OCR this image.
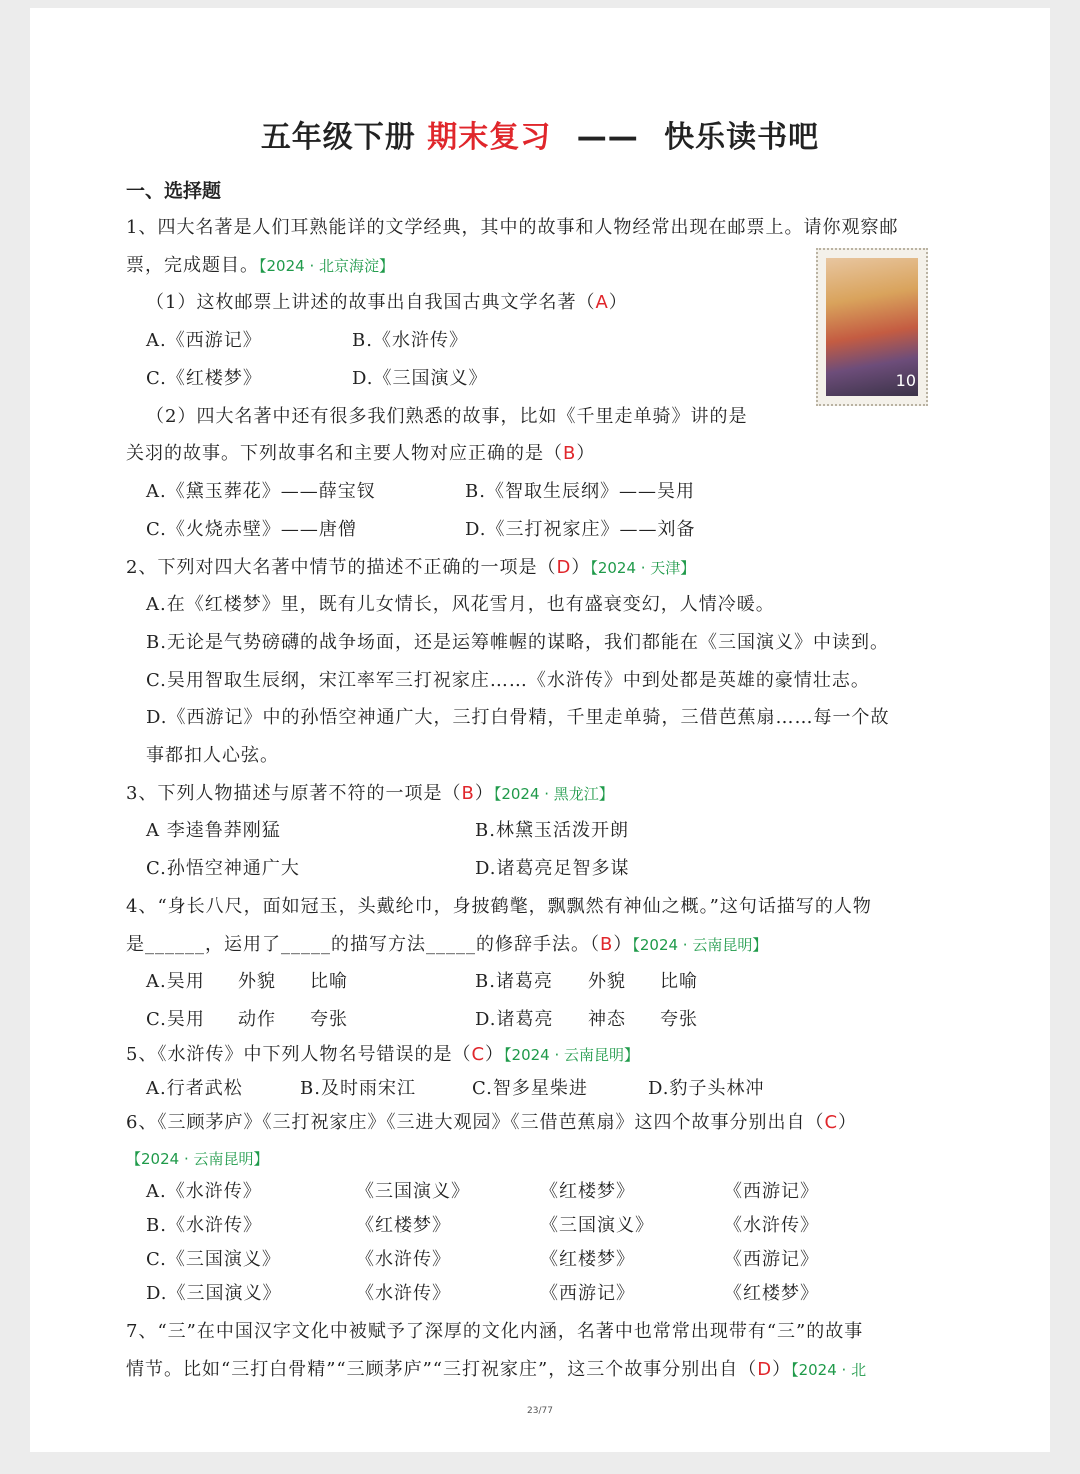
五年级下册 期末复习 —— 快乐读书吧
一、选择题
1、四大名著是人们耳熟能详的文学经典，其中的故事和人物经常出现在邮票上。请你观察邮
票，完成题目。【2024 · 北京海淀】
（1）这枚邮票上讲述的故事出自我国古典文学名著（A）
A.《西游记》	B.《水浒传》
C.《红楼梦》	D.《三国演义》	10
（2）四大名著中还有很多我们熟悉的故事，比如《千里走单骑》讲的是
关羽的故事。下列故事名和主要人物对应正确的是（B）
A.《黛玉葬花》——薛宝钗	B.《智取生辰纲》——吴用
C.《火烧赤壁》——唐僧	D.《三打祝家庄》——刘备
2、下列对四大名著中情节的描述不正确的一项是（D）【2024 · 天津】
A.在《红楼梦》里，既有儿女情长，风花雪月，也有盛衰变幻，人情冷暖。
B.无论是气势磅礴的战争场面，还是运筹帷幄的谋略，我们都能在《三国演义》中读到。
C.吴用智取生辰纲，宋江率军三打祝家庄……《水浒传》中到处都是英雄的豪情壮志。
D.《西游记》中的孙悟空神通广大，三打白骨精，千里走单骑，三借芭蕉扇……每一个故
事都扣人心弦。
3、下列人物描述与原著不符的一项是（B）【2024 · 黑龙江】
A 李逵鲁莽刚猛	B.林黛玉活泼开朗
C.孙悟空神通广大	D.诸葛亮足智多谋
4、“身长八尺，面如冠玉，头戴纶巾，身披鹤氅，飘飘然有神仙之概。”这句话描写的人物
是______，运用了_____的描写方法_____的修辞手法。（B）【2024 · 云南昆明】
A.吴用 外貌 比喻	B.诸葛亮 外貌 比喻
C.吴用 动作 夸张	D.诸葛亮 神态 夸张
5、《水浒传》中下列人物名号错误的是（C）【2024 · 云南昆明】
A.行者武松	B.及时雨宋江	C.智多星柴进	D.豹子头林冲
6、《三顾茅庐》《三打祝家庄》《三进大观园》《三借芭蕉扇》这四个故事分别出自（C）
【2024 · 云南昆明】
A.《水浒传》	《三国演义》	《红楼梦》	《西游记》
B.《水浒传》	《红楼梦》	《三国演义》	《水浒传》
C.《三国演义》	《水浒传》	《红楼梦》	《西游记》
D.《三国演义》	《水浒传》	《西游记》	《红楼梦》
7、“三”在中国汉字文化中被赋予了深厚的文化内涵，名著中也常常出现带有“三”的故事
情节。比如“三打白骨精”“三顾茅庐”“三打祝家庄”，这三个故事分别出自（D）【2024 · 北
23/77
